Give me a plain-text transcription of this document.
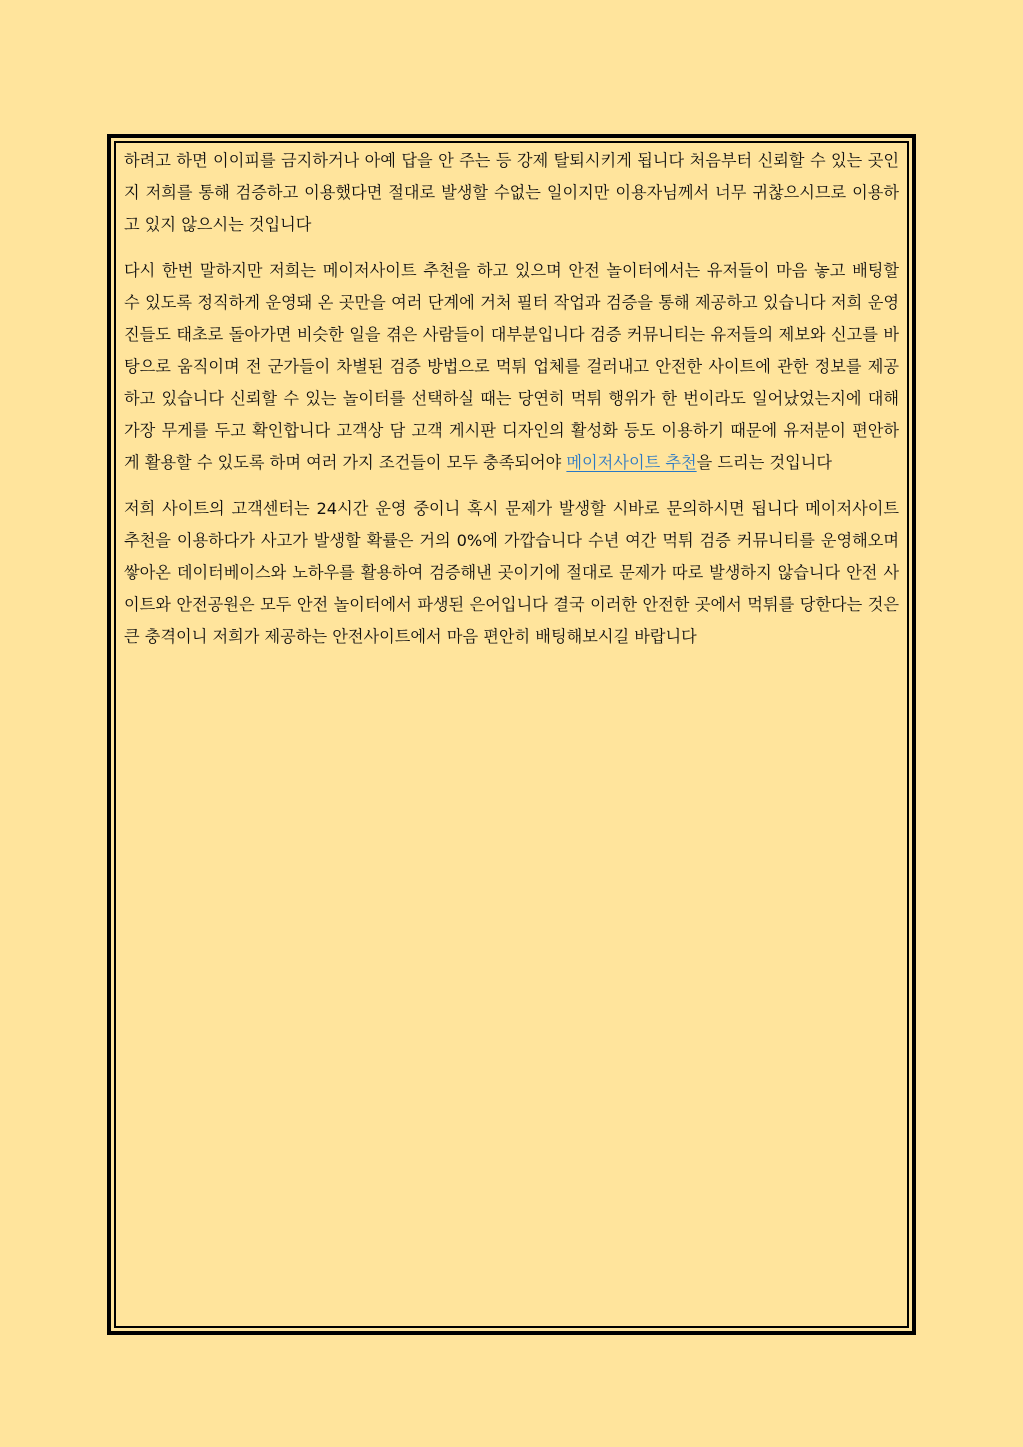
하려고 하면 이이피를 금지하거나 아예 답을 안 주는 등 강제 탈퇴시키게 됩니다 처음부터 신뢰할 수 있는 곳인지 저희를 통해 검증하고 이용했다면 절대로 발생할 수없는 일이지만 이용자님께서 너무 귀찮으시므로 이용하고 있지 않으시는 것입니다

다시 한번 말하지만 저희는 메이저사이트 추천을 하고 있으며 안전 놀이터에서는 유저들이 마음 놓고 배팅할 수 있도록 정직하게 운영돼 온 곳만을 여러 단계에 거처 필터 작업과 검증을 통해 제공하고 있습니다 저희 운영진들도 태초로 돌아가면 비슷한 일을 겪은 사람들이 대부분입니다 검증 커뮤니티는 유저들의 제보와 신고를 바탕으로 움직이며 전 군가들이 차별된 검증 방법으로 먹튀 업체를 걸러내고 안전한 사이트에 관한 정보를 제공하고 있습니다 신뢰할 수 있는 놀이터를 선택하실 때는 당연히 먹튀 행위가 한 번이라도 일어났었는지에 대해 가장 무게를 두고 확인합니다 고객상 담 고객 게시판 디자인의 활성화 등도 이용하기 때문에 유저분이 편안하게 활용할 수 있도록 하며 여러 가지 조건들이 모두 충족되어야 메이저사이트 추천을 드리는 것입니다

저희 사이트의 고객센터는 24시간 운영 중이니 혹시 문제가 발생할 시바로 문의하시면 됩니다 메이저사이트 추천을 이용하다가 사고가 발생할 확률은 거의 0%에 가깝습니다 수년 여간 먹튀 검증 커뮤니티를 운영해오며 쌓아온 데이터베이스와 노하우를 활용하여 검증해낸 곳이기에 절대로 문제가 따로 발생하지 않습니다 안전 사이트와 안전공원은 모두 안전 놀이터에서 파생된 은어입니다 결국 이러한 안전한 곳에서 먹튀를 당한다는 것은 큰 충격이니 저희가 제공하는 안전사이트에서 마음 편안히 배팅해보시길 바랍니다
